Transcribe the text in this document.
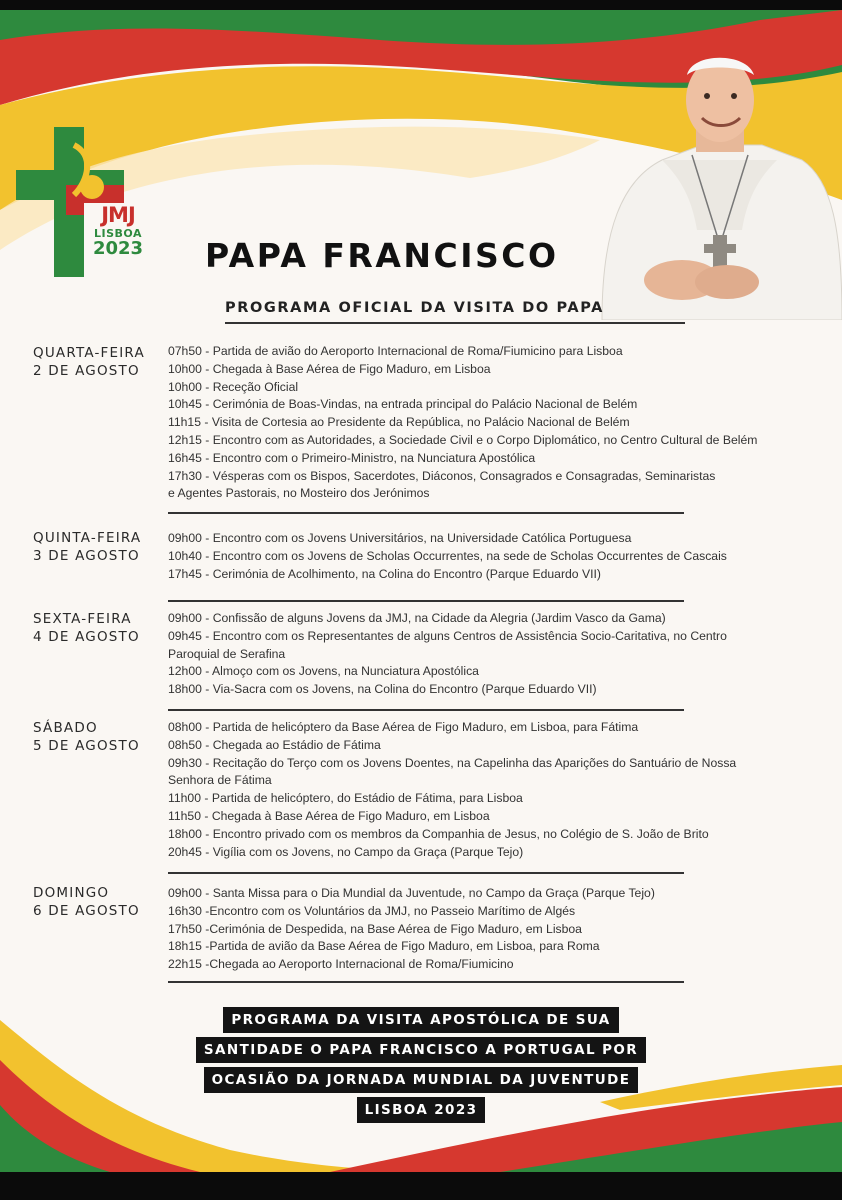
JMJ
LISBOA
2023 PAPA FRANCISCO
PROGRAMA OFICIAL DA VISITA DO PAPA
QUARTA-FEIRA
2 DE AGOSTO
07h50 - Partida de avião do Aeroporto Internacional de Roma/Fiumicino para Lisboa
10h00 - Chegada à Base Aérea de Figo Maduro, em Lisboa
10h00 - Receção Oficial
10h45 - Cerimónia de Boas-Vindas, na entrada principal do Palácio Nacional de Belém
11h15 - Visita de Cortesia ao Presidente da República, no Palácio Nacional de Belém
12h15 - Encontro com as Autoridades, a Sociedade Civil e o Corpo Diplomático, no Centro Cultural de Belém
16h45 - Encontro com o Primeiro-Ministro, na Nunciatura Apostólica
17h30 - Vésperas com os Bispos, Sacerdotes, Diáconos, Consagrados e Consagradas, Seminaristas
e Agentes Pastorais, no Mosteiro dos Jerónimos
QUINTA-FEIRA
3 DE AGOSTO
09h00 - Encontro com os Jovens Universitários, na Universidade Católica Portuguesa
10h40 - Encontro com os Jovens de Scholas Occurrentes, na sede de Scholas Occurrentes de Cascais
17h45 - Cerimónia de Acolhimento, na Colina do Encontro (Parque Eduardo VII)
SEXTA-FEIRA
4 DE AGOSTO
09h00 - Confissão de alguns Jovens da JMJ, na Cidade da Alegria (Jardim Vasco da Gama)
09h45 - Encontro com os Representantes de alguns Centros de Assistência Socio-Caritativa, no Centro
Paroquial de Serafina
12h00 - Almoço com os Jovens, na Nunciatura Apostólica
18h00 - Via-Sacra com os Jovens, na Colina do Encontro (Parque Eduardo VII)
SÁBADO
5 DE AGOSTO
08h00 - Partida de helicóptero da Base Aérea de Figo Maduro, em Lisboa, para Fátima
08h50 - Chegada ao Estádio de Fátima
09h30 - Recitação do Terço com os Jovens Doentes, na Capelinha das Aparições do Santuário de Nossa
Senhora de Fátima
11h00 - Partida de helicóptero, do Estádio de Fátima, para Lisboa
11h50 - Chegada à Base Aérea de Figo Maduro, em Lisboa
18h00 - Encontro privado com os membros da Companhia de Jesus, no Colégio de S. João de Brito
20h45 - Vigília com os Jovens, no Campo da Graça (Parque Tejo)
DOMINGO
6 DE AGOSTO
09h00 - Santa Missa para o Dia Mundial da Juventude, no Campo da Graça (Parque Tejo)
16h30 -Encontro com os Voluntários da JMJ, no Passeio Marítimo de Algés
17h50 -Cerimónia de Despedida, na Base Aérea de Figo Maduro, em Lisboa
18h15 -Partida de avião da Base Aérea de Figo Maduro, em Lisboa, para Roma
22h15 -Chegada ao Aeroporto Internacional de Roma/Fiumicino
PROGRAMA DA VISITA APOSTÓLICA DE SUA
SANTIDADE O PAPA FRANCISCO A PORTUGAL POR
OCASIÃO DA JORNADA MUNDIAL DA JUVENTUDE
LISBOA 2023
